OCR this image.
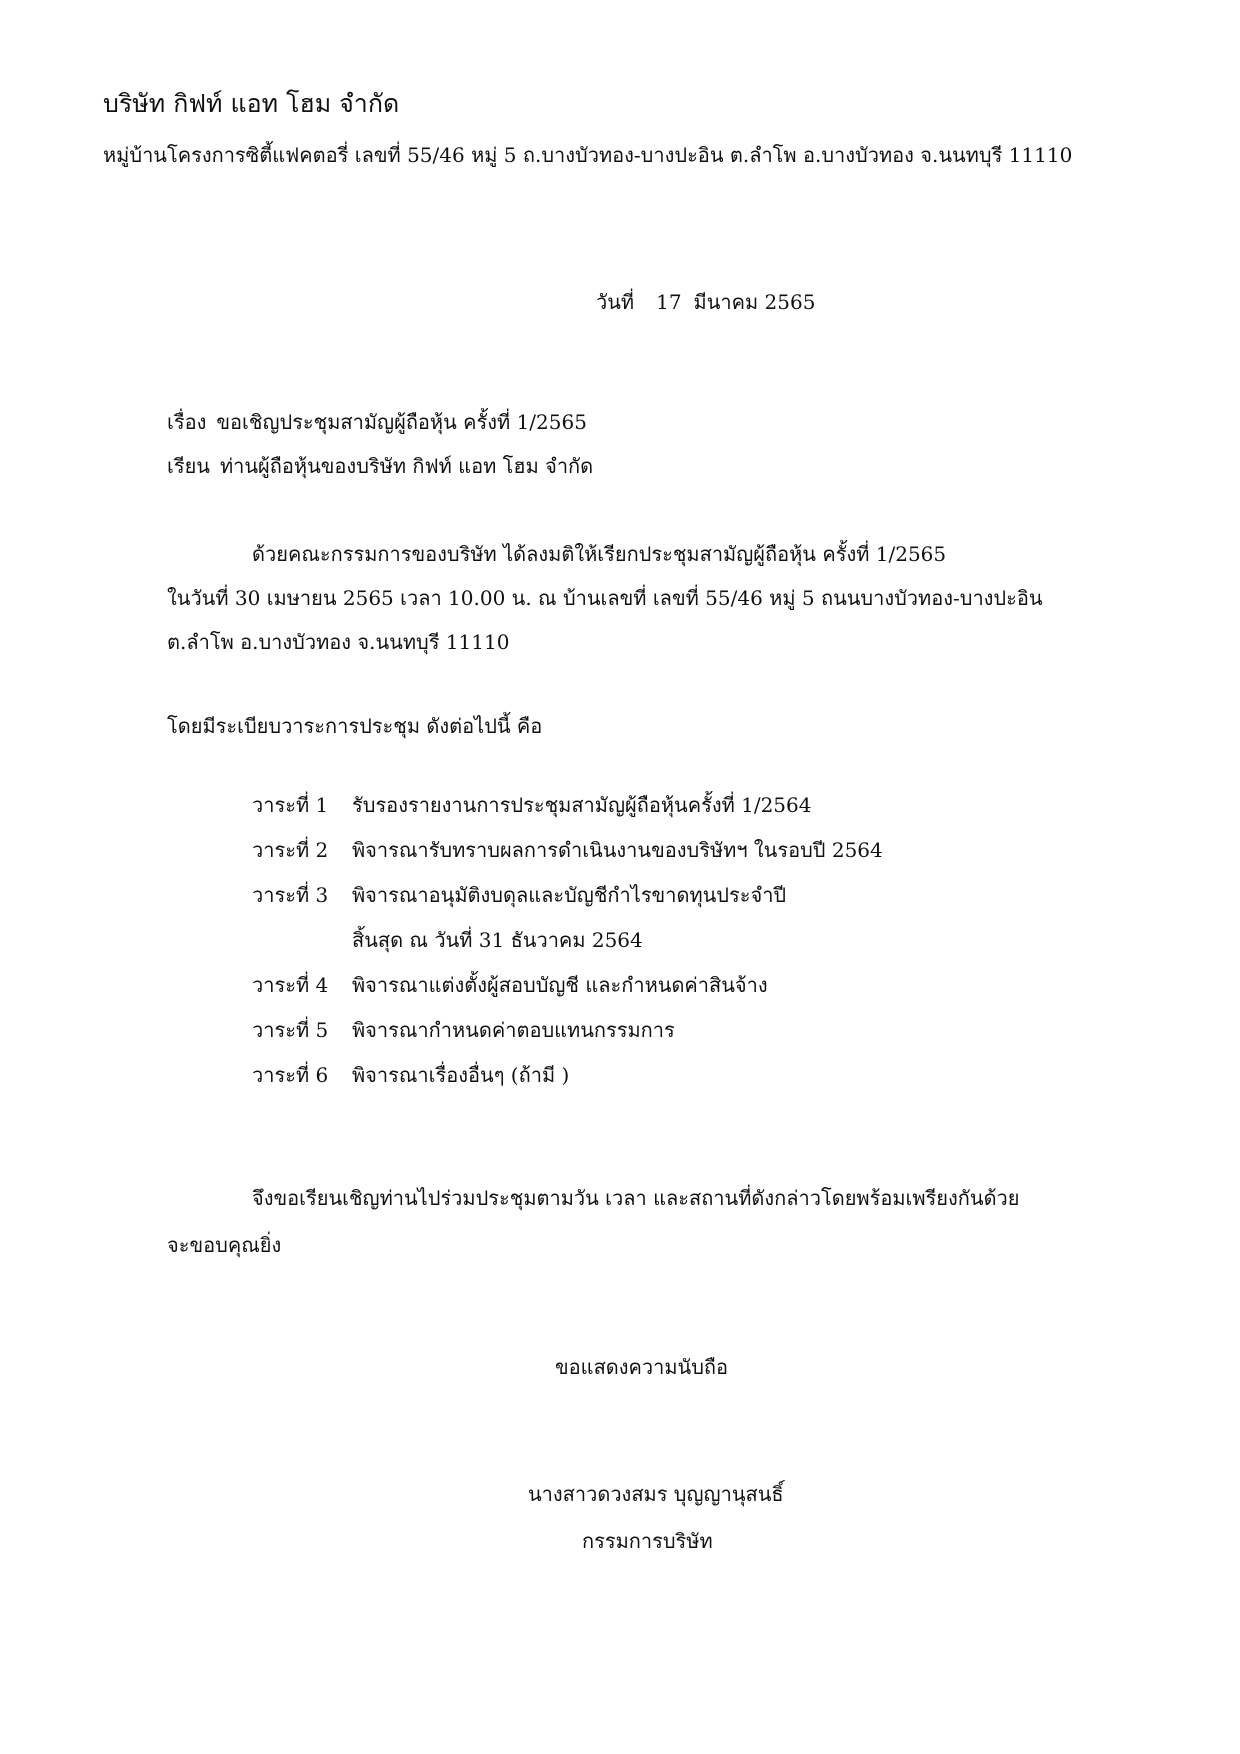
บริษัท กิฟท์ แอท โฮม จำกัด
หมู่บ้านโครงการซิตี้แฟคตอรี่ เลขที่ 55/46 หมู่ 5 ถ.บางบัวทอง-บางปะอิน ต.ลำโพ อ.บางบัวทอง จ.นนทบุรี 11110
วันที่ 17 มีนาคม 2565
เรื่อง ขอเชิญประชุมสามัญผู้ถือหุ้น ครั้งที่ 1/2565
เรียน ท่านผู้ถือหุ้นของบริษัท กิฟท์ แอท โฮม จำกัด
ด้วยคณะกรรมการของบริษัท ได้ลงมติให้เรียกประชุมสามัญผู้ถือหุ้น ครั้งที่ 1/2565
ในวันที่ 30 เมษายน 2565 เวลา 10.00 น. ณ บ้านเลขที่ เลขที่ 55/46 หมู่ 5 ถนนบางบัวทอง-บางปะอิน
ต.ลำโพ อ.บางบัวทอง จ.นนทบุรี 11110
โดยมีระเบียบวาระการประชุม ดังต่อไปนี้ คือ
วาระที่ 1	รับรองรายงานการประชุมสามัญผู้ถือหุ้นครั้งที่ 1/2564
วาระที่ 2	พิจารณารับทราบผลการดำเนินงานของบริษัทฯ ในรอบปี 2564
วาระที่ 3	พิจารณาอนุมัติงบดุลและบัญชีกำไรขาดทุนประจำปี
สิ้นสุด ณ วันที่ 31 ธันวาคม 2564
วาระที่ 4	พิจารณาแต่งตั้งผู้สอบบัญชี และกำหนดค่าสินจ้าง
วาระที่ 5	พิจารณากำหนดค่าตอบแทนกรรมการ
วาระที่ 6	พิจารณาเรื่องอื่นๆ (ถ้ามี )
จึงขอเรียนเชิญท่านไปร่วมประชุมตามวัน เวลา และสถานที่ดังกล่าวโดยพร้อมเพรียงกันด้วย
จะขอบคุณยิ่ง
ขอแสดงความนับถือ
นางสาวดวงสมร บุญญานุสนธิ์
กรรมการบริษัท
